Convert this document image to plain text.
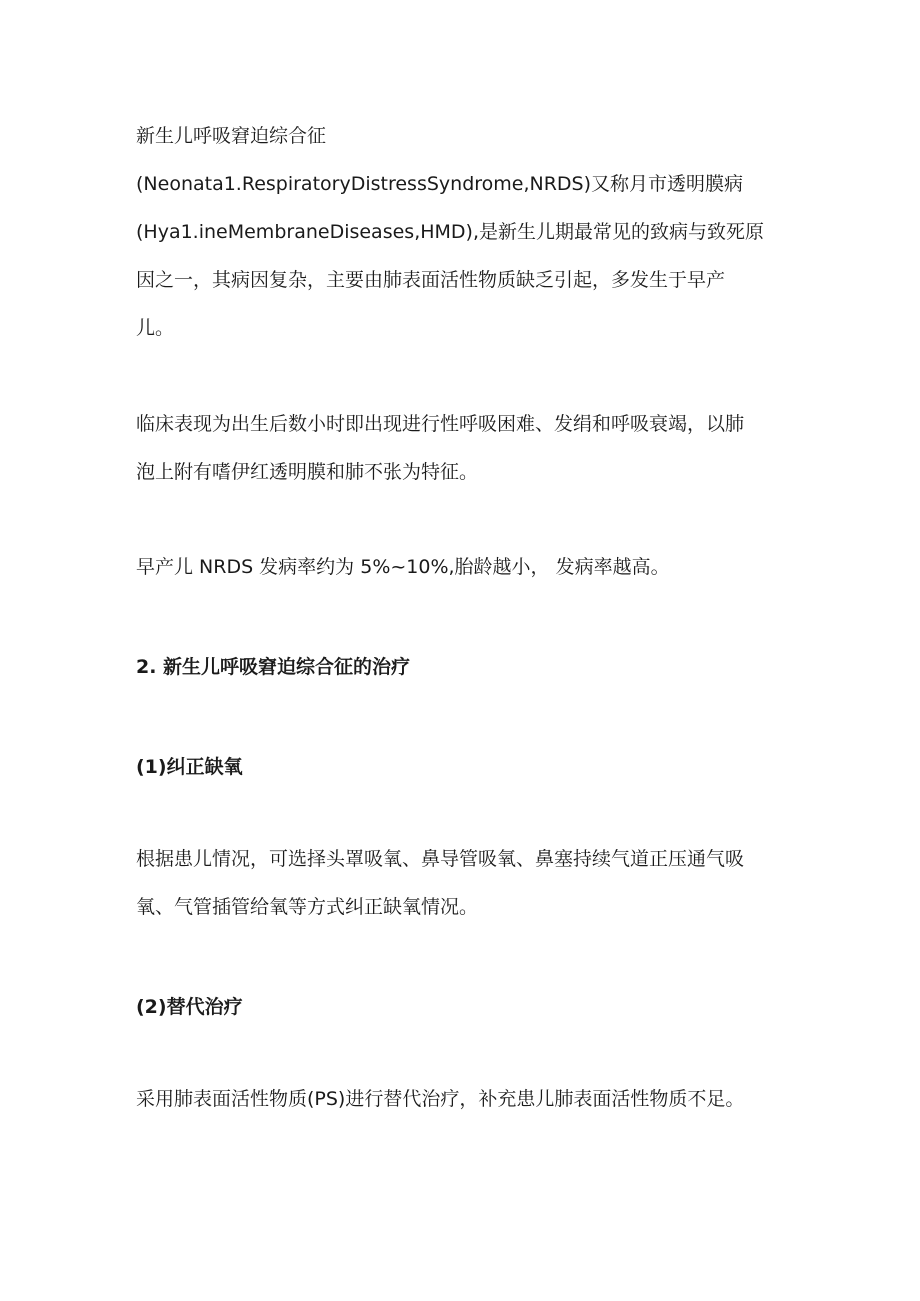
新生儿呼吸窘迫综合征
(Neonata1.RespiratoryDistressSyndrome,NRDS)又称月市透明膜病
(Hya1.ineMembraneDiseases,HMD),是新生儿期最常见的致病与致死原
因之一，其病因复杂，主要由肺表面活性物质缺乏引起，多发生于早产
儿。
临床表现为出生后数小时即出现进行性呼吸困难、发绢和呼吸衰竭，以肺
泡上附有嗜伊红透明膜和肺不张为特征。
早产儿 NRDS 发病率约为 5%~10%,胎龄越小， 发病率越高。
2. 新生儿呼吸窘迫综合征的治疗
(1)纠正缺氧
根据患儿情况，可选择头罩吸氧、鼻导管吸氧、鼻塞持续气道正压通气吸
氧、气管插管给氧等方式纠正缺氧情况。
(2)替代治疗
采用肺表面活性物质(PS)进行替代治疗，补充患儿肺表面活性物质不足。
